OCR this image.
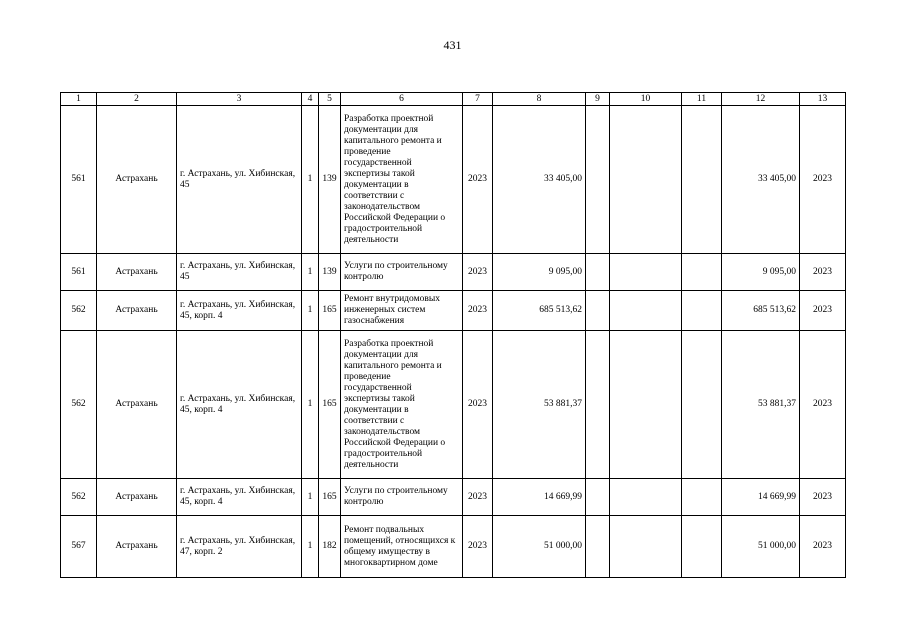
431
1	2	3	4	5	6	7	8	9	10	11	12	13
561	Астрахань	г. Астрахань, ул. Хибинская, 45	1	139	Разработка проектной документации для капитального ремонта и проведение государственной экспертизы такой документации в соответствии с законодательством Российской Федерации о градостроительной деятельности	2023	33 405,00				33 405,00	2023
561	Астрахань	г. Астрахань, ул. Хибинская, 45	1	139	Услуги по строительному контролю	2023	9 095,00				9 095,00	2023
562	Астрахань	г. Астрахань, ул. Хибинская, 45, корп. 4	1	165	Ремонт внутридомовых инженерных систем газоснабжения	2023	685 513,62				685 513,62	2023
562	Астрахань	г. Астрахань, ул. Хибинская, 45, корп. 4	1	165	Разработка проектной документации для капитального ремонта и проведение государственной экспертизы такой документации в соответствии с законодательством Российской Федерации о градостроительной деятельности	2023	53 881,37				53 881,37	2023
562	Астрахань	г. Астрахань, ул. Хибинская, 45, корп. 4	1	165	Услуги по строительному контролю	2023	14 669,99				14 669,99	2023
567	Астрахань	г. Астрахань, ул. Хибинская, 47, корп. 2	1	182	Ремонт подвальных помещений, относящихся к общему имуществу в многоквартирном доме	2023	51 000,00				51 000,00	2023
